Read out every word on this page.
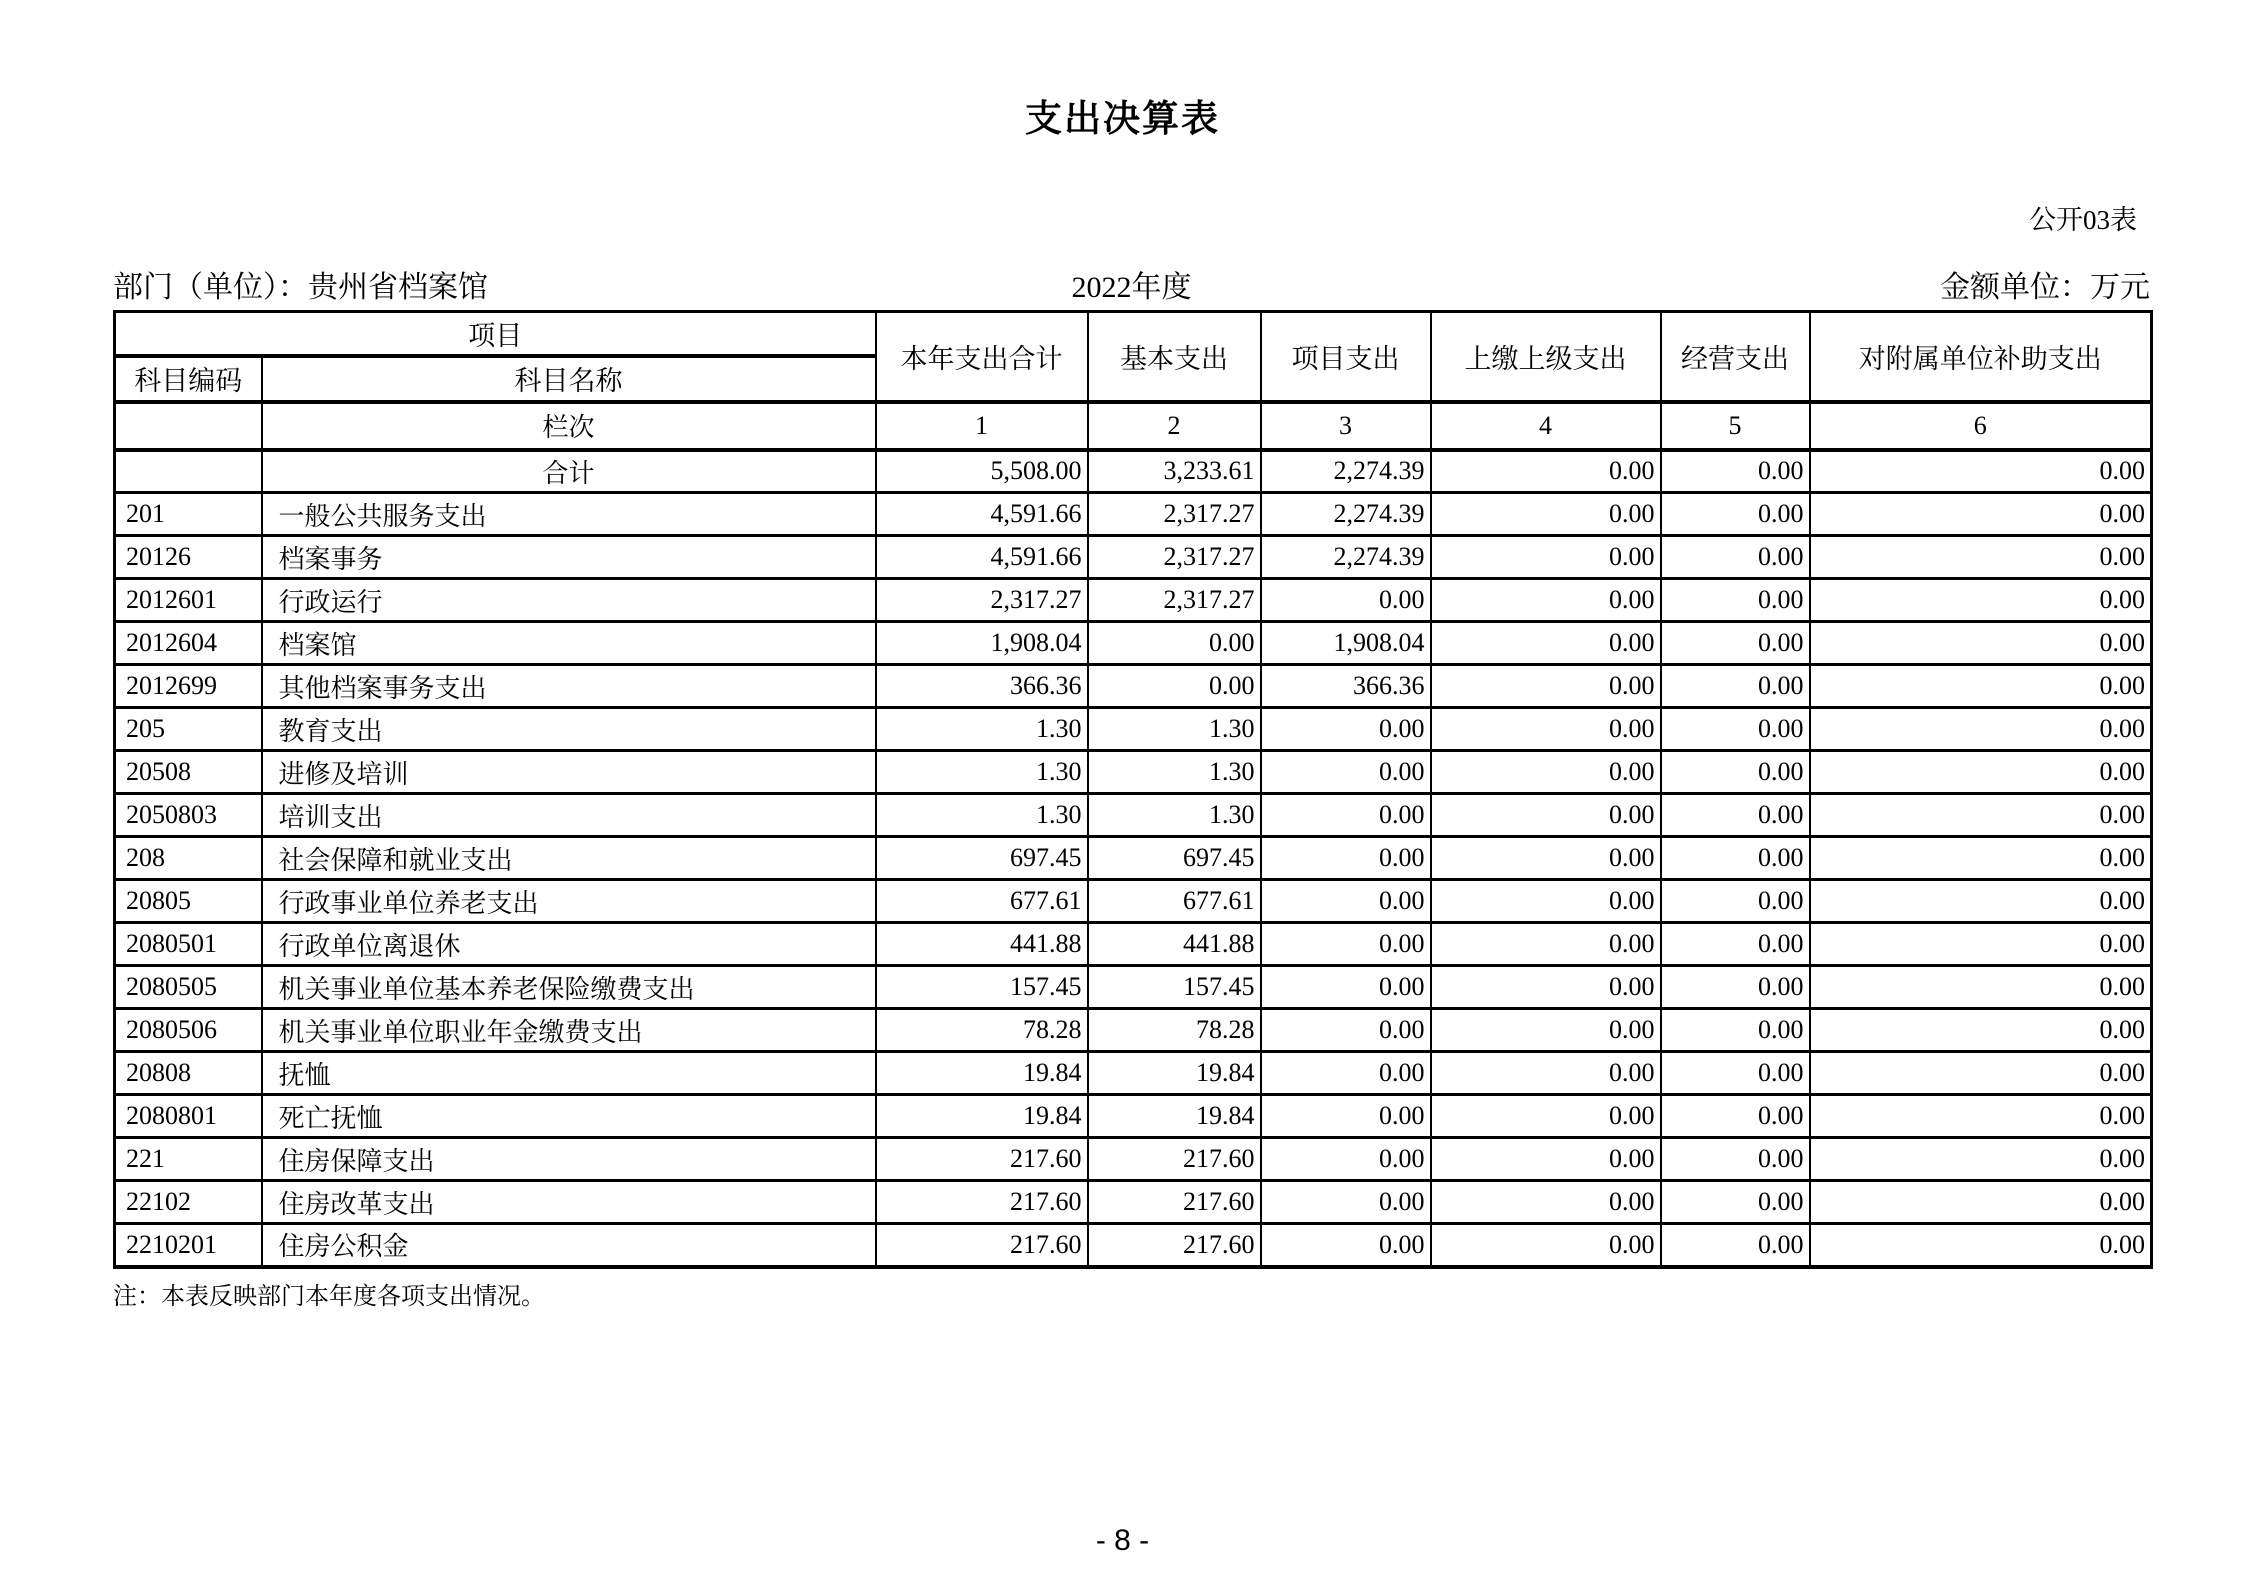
支出决算表
公开03表
部门（单位）：贵州省档案馆	2022年度	金额单位：万元
项目		本年支出合计	基本支出	项目支出	上缴上级支出	经营支出	对附属单位补助支出
科目编码	科目名称						
	栏次	1	2	3	4	5	6
	合计	5,508.00	3,233.61	2,274.39	0.00	0.00	0.00
201	一般公共服务支出	4,591.66	2,317.27	2,274.39	0.00	0.00	0.00
20126	档案事务	4,591.66	2,317.27	2,274.39	0.00	0.00	0.00
2012601	行政运行	2,317.27	2,317.27	0.00	0.00	0.00	0.00
2012604	档案馆	1,908.04	0.00	1,908.04	0.00	0.00	0.00
2012699	其他档案事务支出	366.36	0.00	366.36	0.00	0.00	0.00
205	教育支出	1.30	1.30	0.00	0.00	0.00	0.00
20508	进修及培训	1.30	1.30	0.00	0.00	0.00	0.00
2050803	培训支出	1.30	1.30	0.00	0.00	0.00	0.00
208	社会保障和就业支出	697.45	697.45	0.00	0.00	0.00	0.00
20805	行政事业单位养老支出	677.61	677.61	0.00	0.00	0.00	0.00
2080501	行政单位离退休	441.88	441.88	0.00	0.00	0.00	0.00
2080505	机关事业单位基本养老保险缴费支出	157.45	157.45	0.00	0.00	0.00	0.00
2080506	机关事业单位职业年金缴费支出	78.28	78.28	0.00	0.00	0.00	0.00
20808	抚恤	19.84	19.84	0.00	0.00	0.00	0.00
2080801	死亡抚恤	19.84	19.84	0.00	0.00	0.00	0.00
221	住房保障支出	217.60	217.60	0.00	0.00	0.00	0.00
22102	住房改革支出	217.60	217.60	0.00	0.00	0.00	0.00
2210201	住房公积金	217.60	217.60	0.00	0.00	0.00	0.00
注：本表反映部门本年度各项支出情况。
- 8 -
